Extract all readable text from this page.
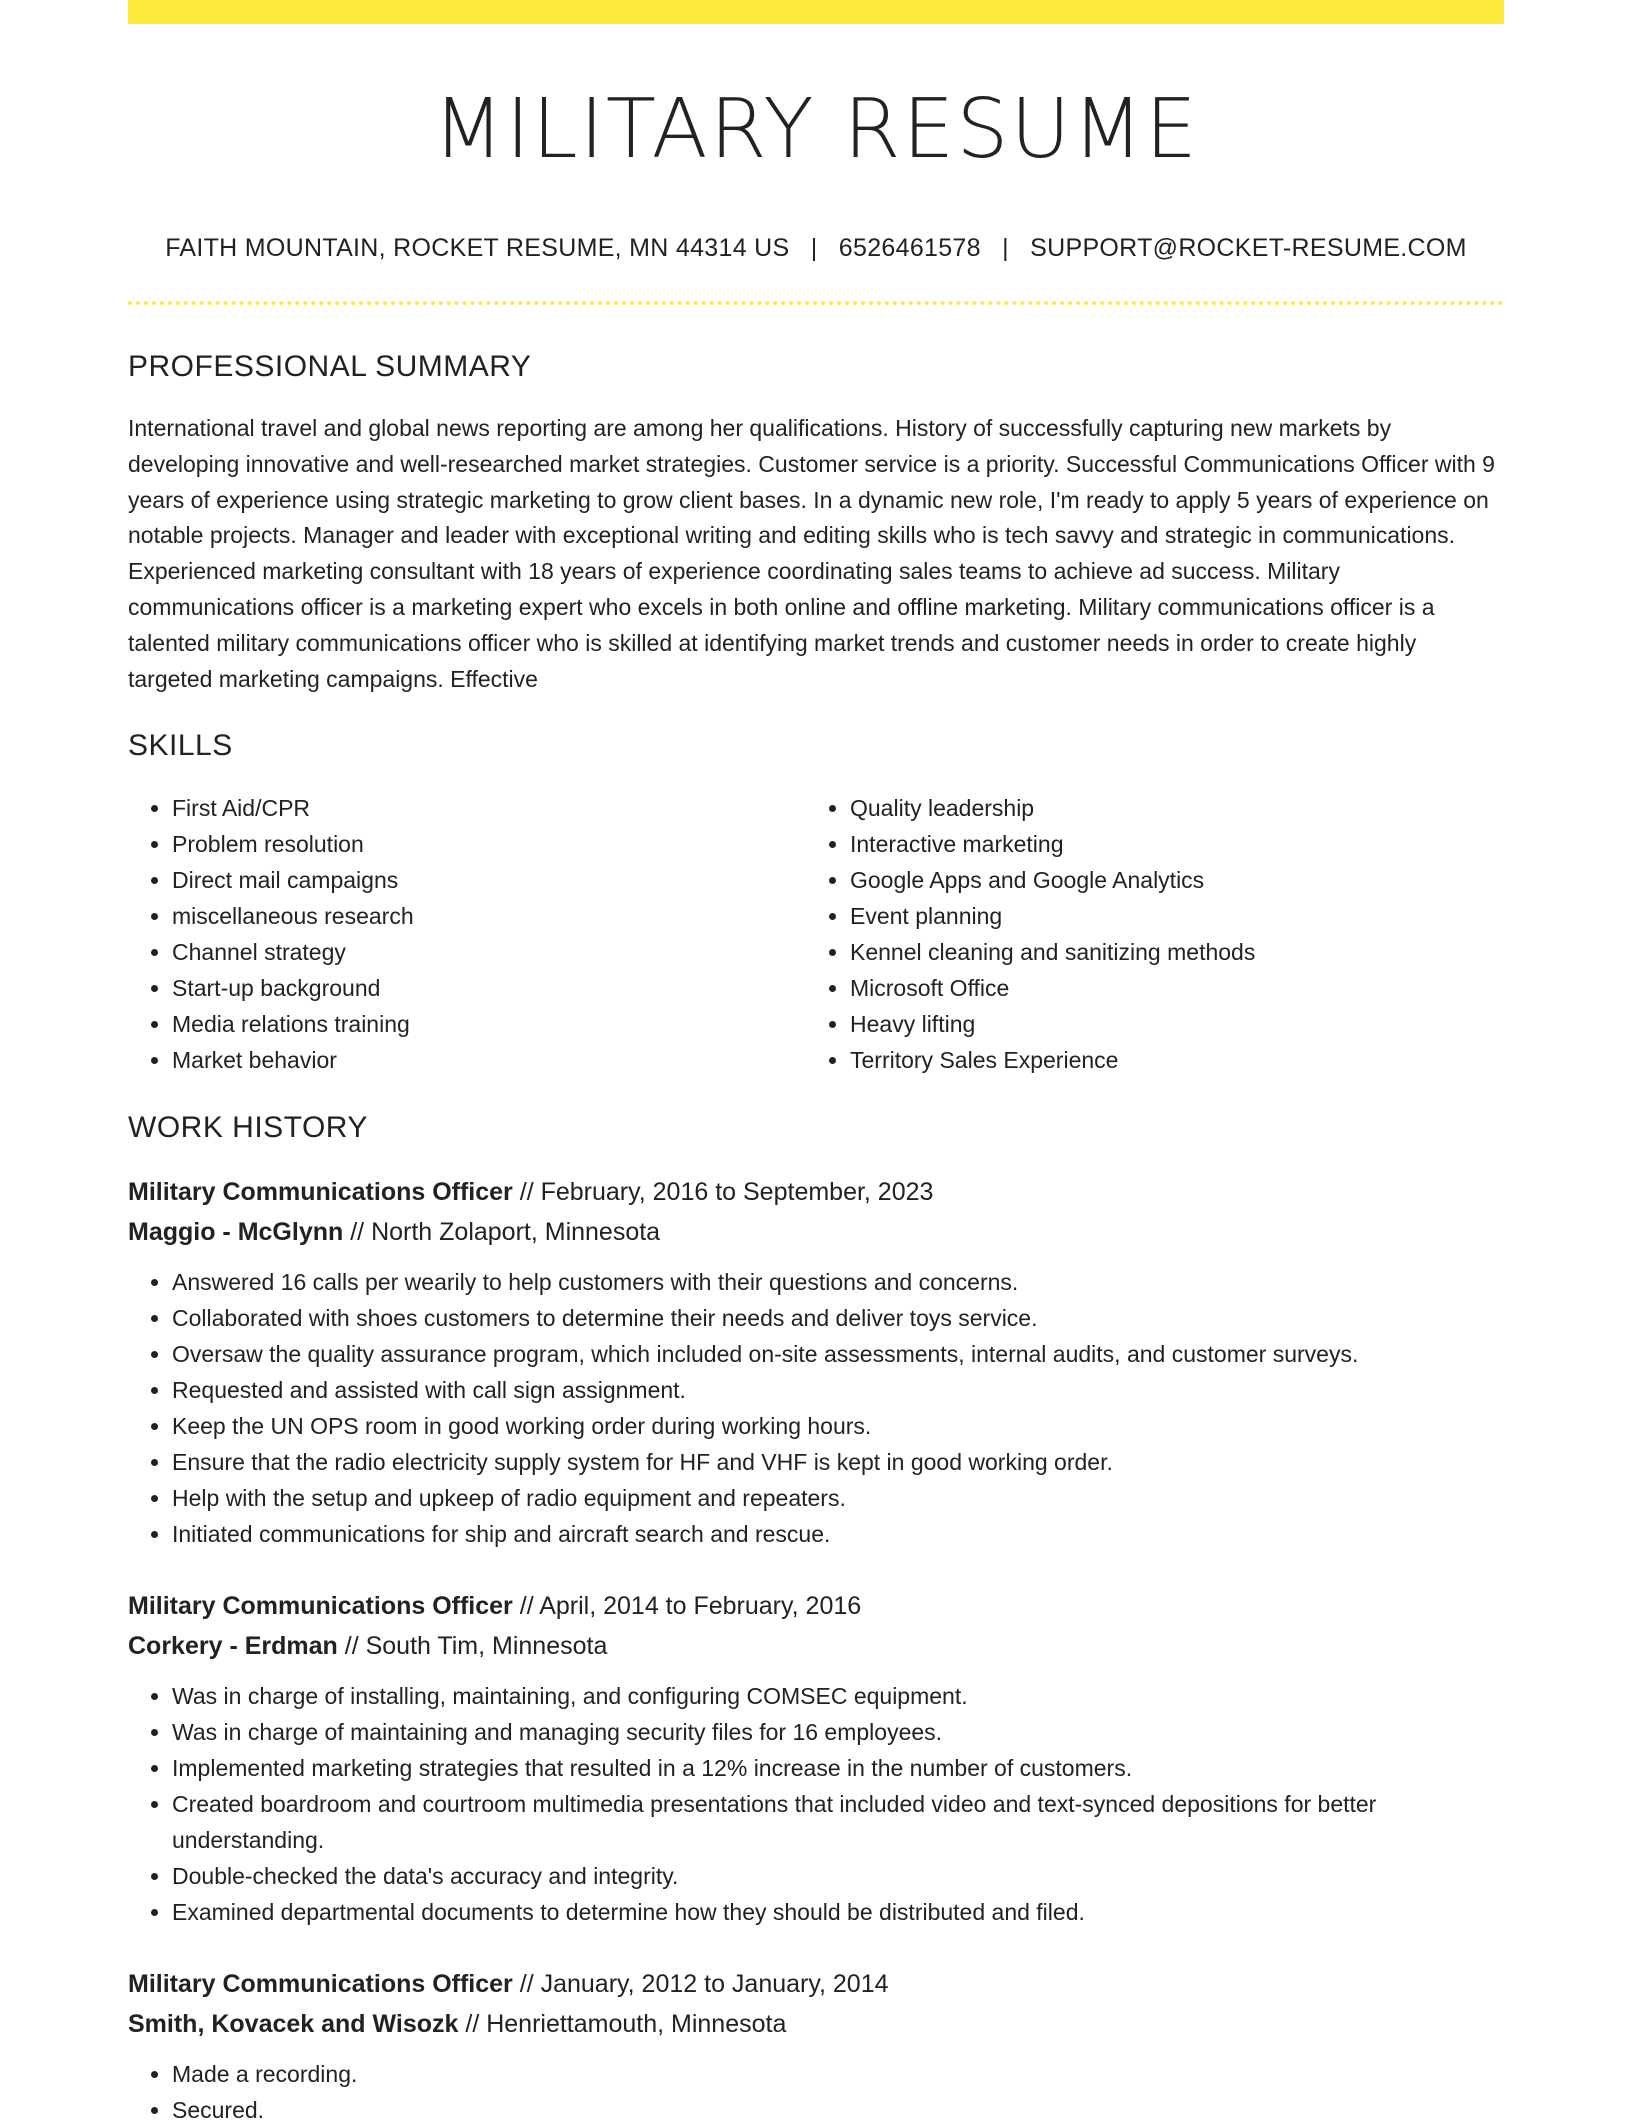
MILITARY RESUME
FAITH MOUNTAIN, ROCKET RESUME, MN 44314 US | 6526461578 | SUPPORT@ROCKET-RESUME.COM
PROFESSIONAL SUMMARY

International travel and global news reporting are among her qualifications. History of successfully capturing new markets by developing innovative and well-researched market strategies. Customer service is a priority. Successful Communications Officer with 9 years of experience using strategic marketing to grow client bases. In a dynamic new role, I'm ready to apply 5 years of experience on notable projects. Manager and leader with exceptional writing and editing skills who is tech savvy and strategic in communications. Experienced marketing consultant with 18 years of experience coordinating sales teams to achieve ad success. Military communications officer is a marketing expert who excels in both online and offline marketing. Military communications officer is a talented military communications officer who is skilled at identifying market trends and customer needs in order to create highly targeted marketing campaigns. Effective

SKILLS
• First Aid/CPR
• Problem resolution
• Direct mail campaigns
• miscellaneous research
• Channel strategy
• Start-up background
• Media relations training
• Market behavior
• Quality leadership
• Interactive marketing
• Google Apps and Google Analytics
• Event planning
• Kennel cleaning and sanitizing methods
• Microsoft Office
• Heavy lifting
• Territory Sales Experience
WORK HISTORY

Military Communications Officer // February, 2016 to September, 2023

Maggio - McGlynn // North Zolaport, Minnesota

• Answered 16 calls per wearily to help customers with their questions and concerns.
• Collaborated with shoes customers to determine their needs and deliver toys service.
• Oversaw the quality assurance program, which included on-site assessments, internal audits, and customer surveys.
• Requested and assisted with call sign assignment.
• Keep the UN OPS room in good working order during working hours.
• Ensure that the radio electricity supply system for HF and VHF is kept in good working order.
• Help with the setup and upkeep of radio equipment and repeaters.
• Initiated communications for ship and aircraft search and rescue.

Military Communications Officer // April, 2014 to February, 2016

Corkery - Erdman // South Tim, Minnesota

• Was in charge of installing, maintaining, and configuring COMSEC equipment.
• Was in charge of maintaining and managing security files for 16 employees.
• Implemented marketing strategies that resulted in a 12% increase in the number of customers.
• Created boardroom and courtroom multimedia presentations that included video and text-synced depositions for better understanding.
• Double-checked the data's accuracy and integrity.
• Examined departmental documents to determine how they should be distributed and filed.

Military Communications Officer // January, 2012 to January, 2014

Smith, Kovacek and Wisozk // Henriettamouth, Minnesota

• Made a recording.
• Secured.
